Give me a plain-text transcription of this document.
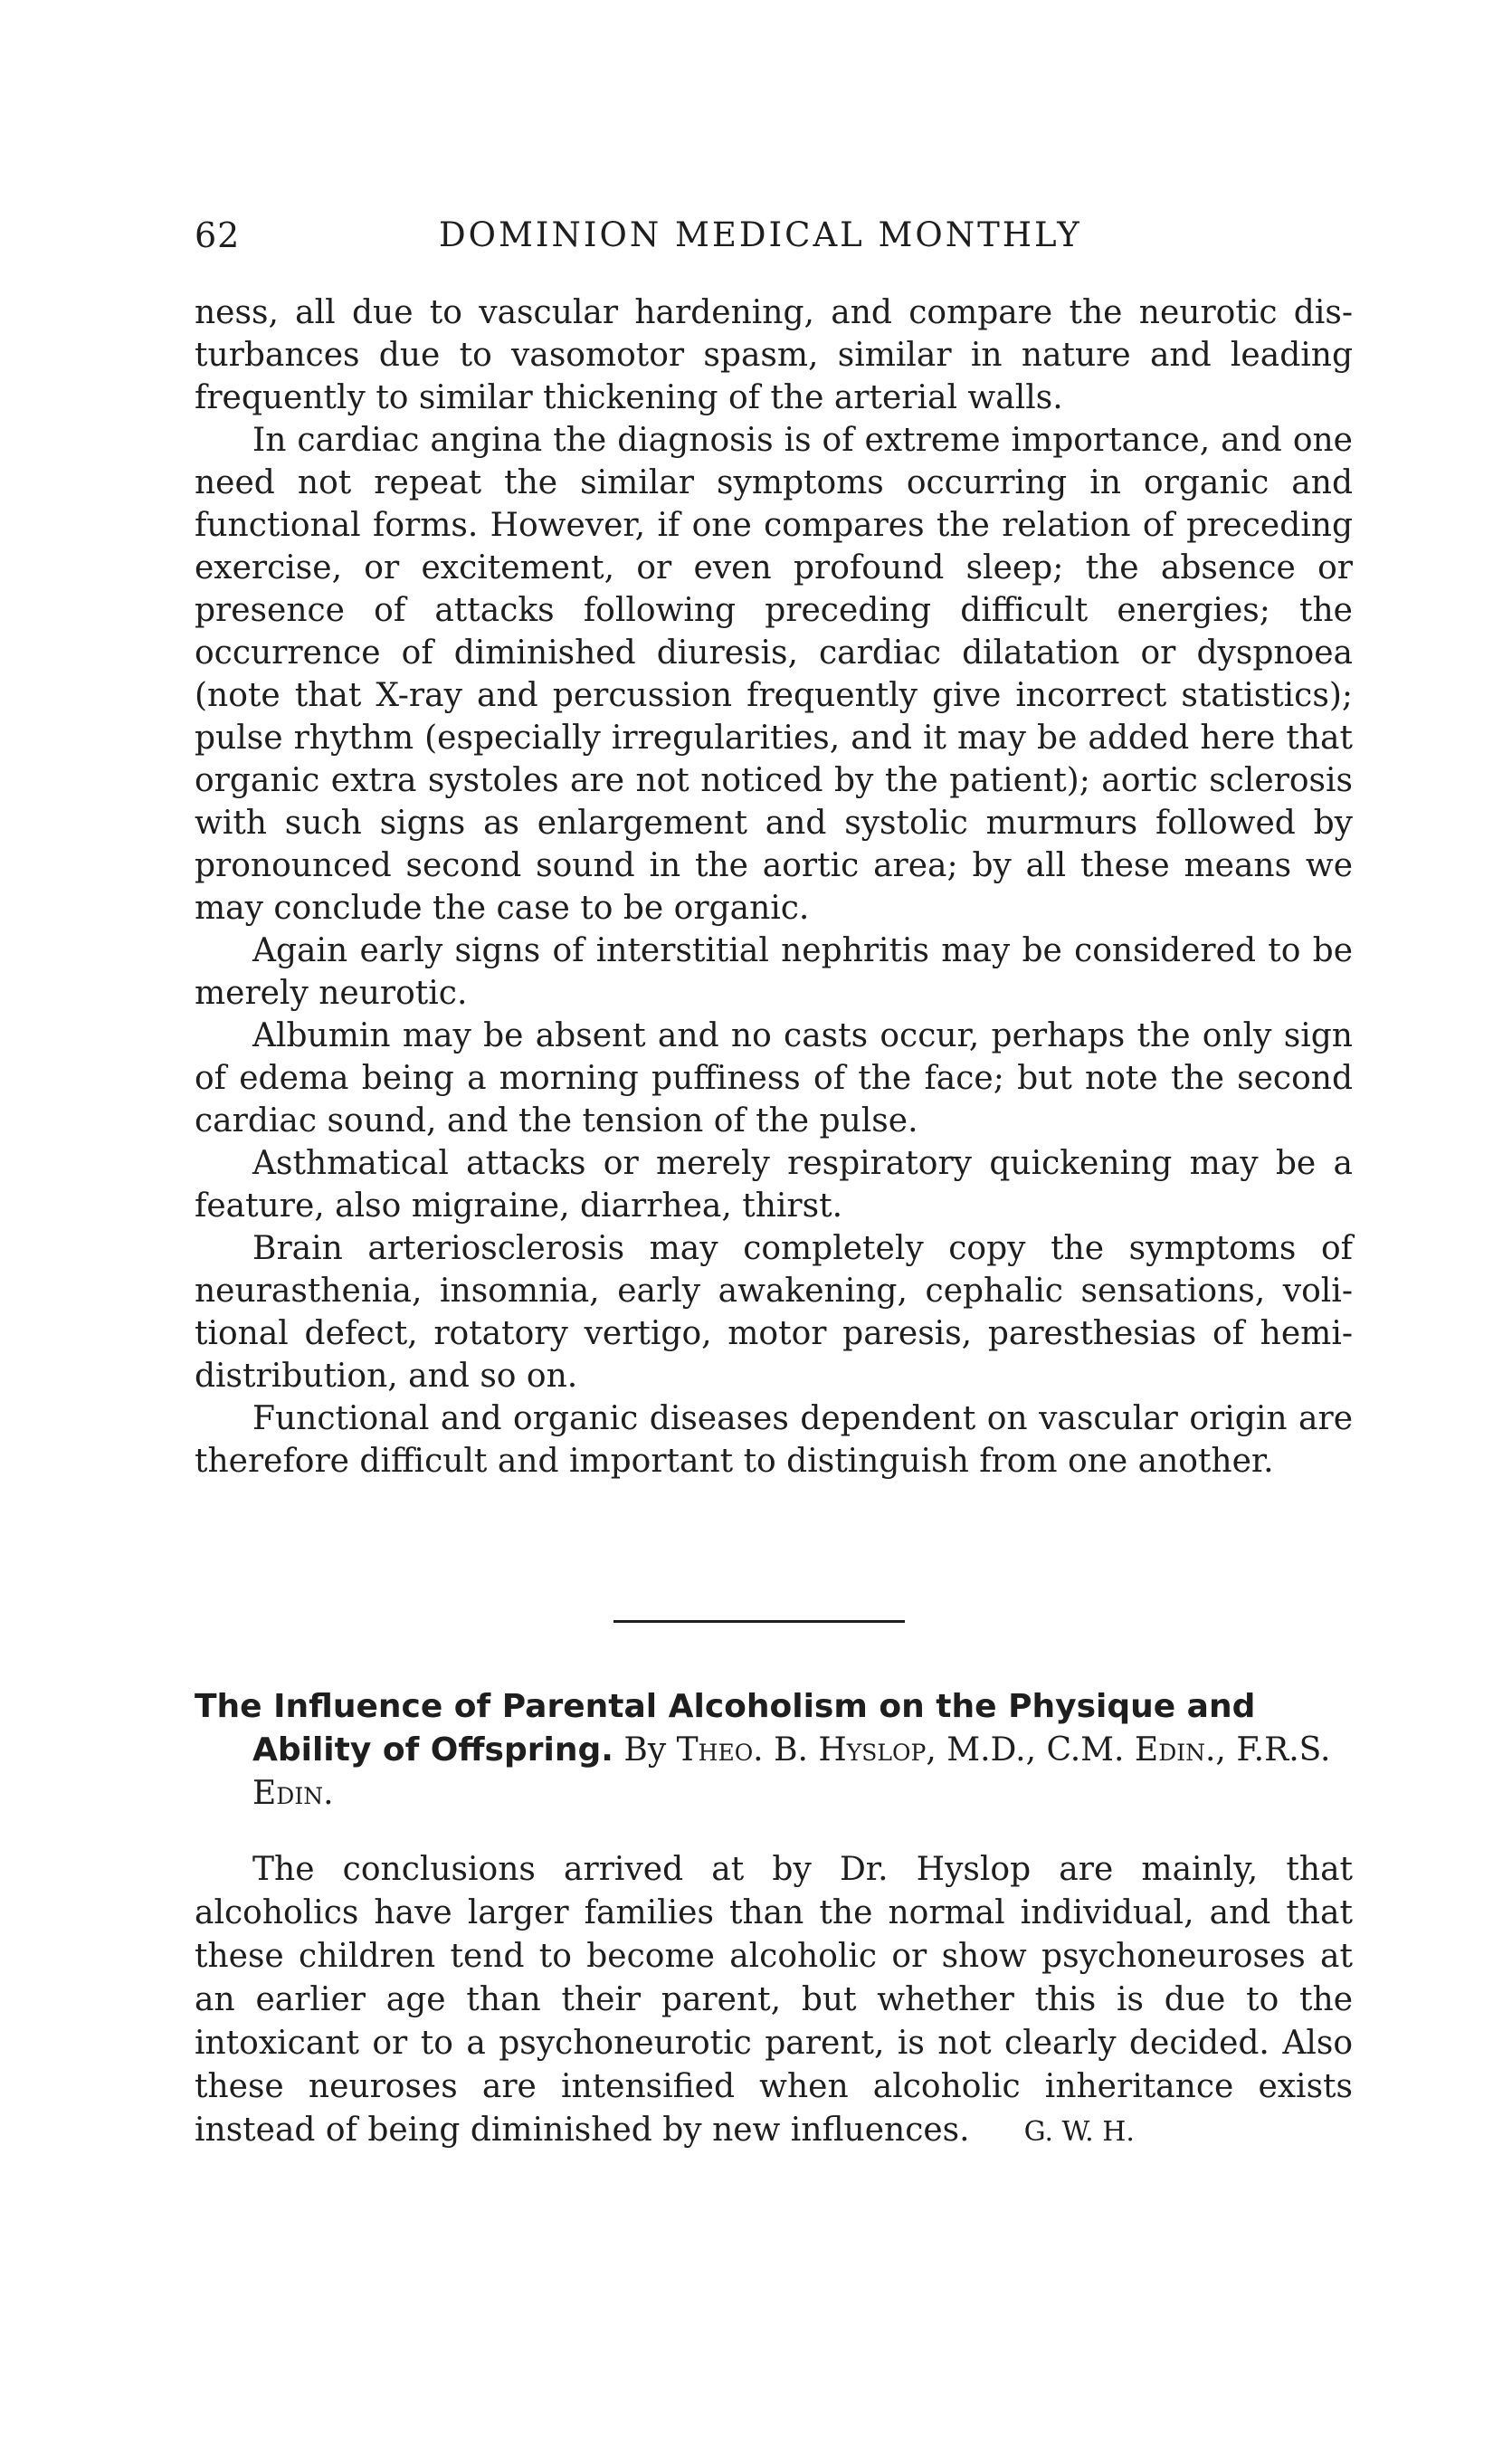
62	DOMINION MEDICAL MONTHLY

ness, all due to vascular hardening, and compare the neurotic disturbances due to vasomotor spasm, similar in nature and leading frequently to similar thickening of the arterial walls.

In cardiac angina the diagnosis is of extreme importance, and one need not repeat the similar symptoms occurring in organic and functional forms. However, if one compares the relation of preceding exercise, or excitement, or even profound sleep; the absence or presence of attacks following preceding difficult energies; the occurrence of diminished diuresis, cardiac dilatation or dyspnoea (note that X-ray and percussion frequently give incorrect statistics); pulse rhythm (especially irregularities, and it may be added here that organic extra systoles are not noticed by the patient); aortic sclerosis with such signs as enlargement and systolic murmurs followed by pronounced second sound in the aortic area; by all these means we may conclude the case to be organic.

Again early signs of interstitial nephritis may be considered to be merely neurotic.

Albumin may be absent and no casts occur, perhaps the only sign of edema being a morning puffiness of the face; but note the second cardiac sound, and the tension of the pulse.

Asthmatical attacks or merely respiratory quickening may be a feature, also migraine, diarrhea, thirst.

Brain arteriosclerosis may completely copy the symptoms of neurasthenia, insomnia, early awakening, cephalic sensations, volitional defect, rotatory vertigo, motor paresis, paresthesias of hemidistribution, and so on.

Functional and organic diseases dependent on vascular origin are therefore difficult and important to distinguish from one another.

The Influence of Parental Alcoholism on the Physique and Ability of Offspring. By Theo. B. Hyslop, M.D., C.M. Edin., F.R.S. Edin.

The conclusions arrived at by Dr. Hyslop are mainly, that alcoholics have larger families than the normal individual, and that these children tend to become alcoholic or show psychoneuroses at an earlier age than their parent, but whether this is due to the intoxicant or to a psychoneurotic parent, is not clearly decided. Also these neuroses are intensified when alcoholic inheritance exists instead of being diminished by new influences. G. W. H.
